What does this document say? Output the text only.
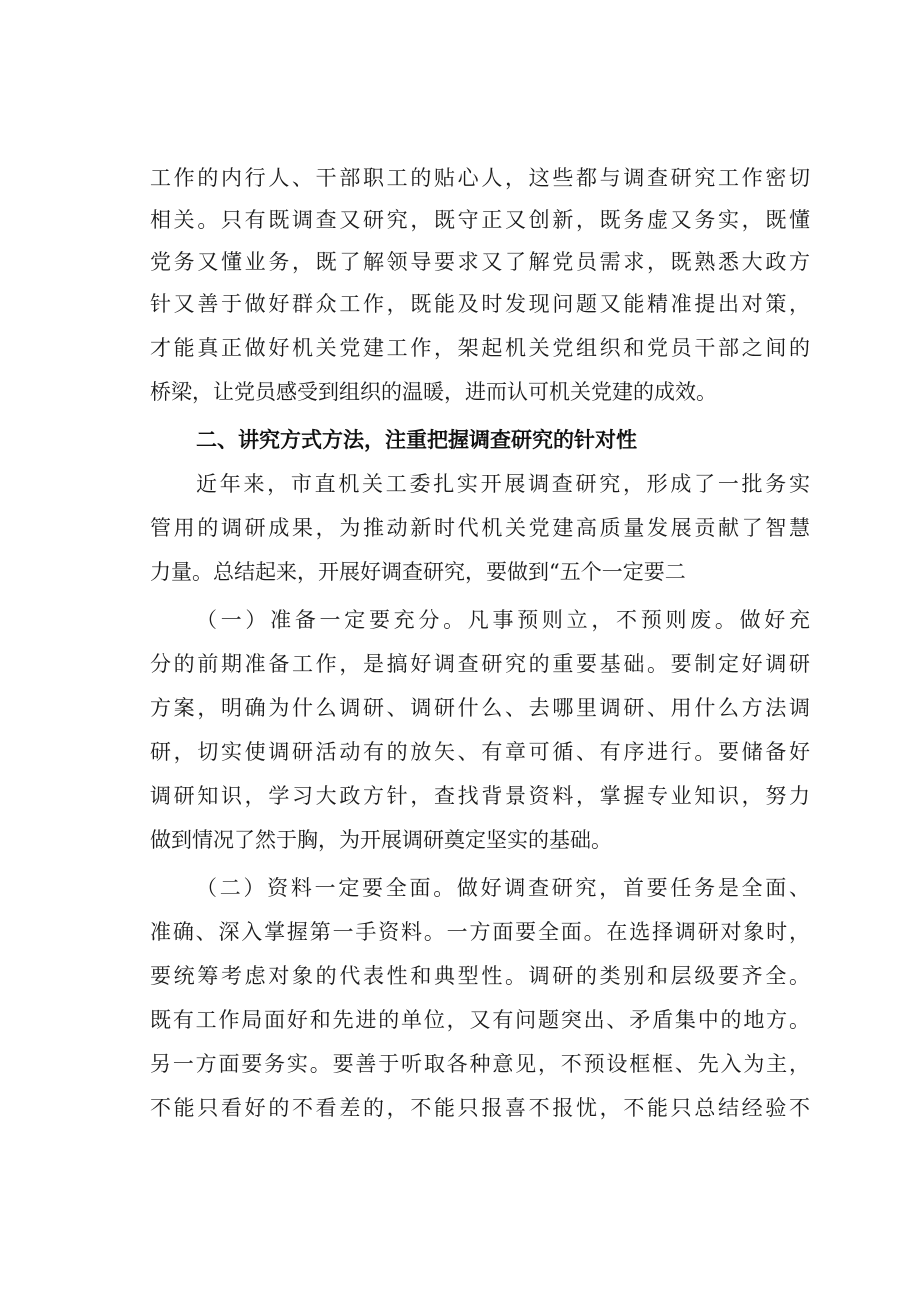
工作的内行人、干部职工的贴心人，这些都与调查研究工作密切
相关。只有既调查又研究，既守正又创新，既务虚又务实，既懂
党务又懂业务，既了解领导要求又了解党员需求，既熟悉大政方
针又善于做好群众工作，既能及时发现问题又能精准提出对策，
才能真正做好机关党建工作，架起机关党组织和党员干部之间的
桥梁，让党员感受到组织的温暖，进而认可机关党建的成效。
二、讲究方式方法，注重把握调查研究的针对性
近年来，市直机关工委扎实开展调查研究，形成了一批务实
管用的调研成果，为推动新时代机关党建高质量发展贡献了智慧
力量。总结起来，开展好调查研究，要做到“五个一定要二
（一）准备一定要充分。凡事预则立，不预则废。做好充
分的前期准备工作，是搞好调查研究的重要基础。要制定好调研
方案，明确为什么调研、调研什么、去哪里调研、用什么方法调
研，切实使调研活动有的放矢、有章可循、有序进行。要储备好
调研知识，学习大政方针，查找背景资料，掌握专业知识，努力
做到情况了然于胸，为开展调研奠定坚实的基础。
（二）资料一定要全面。做好调查研究，首要任务是全面、
准确、深入掌握第一手资料。一方面要全面。在选择调研对象时，
要统筹考虑对象的代表性和典型性。调研的类别和层级要齐全。
既有工作局面好和先进的单位，又有问题突出、矛盾集中的地方。
另一方面要务实。要善于听取各种意见，不预设框框、先入为主，
不能只看好的不看差的，不能只报喜不报忧，不能只总结经验不
